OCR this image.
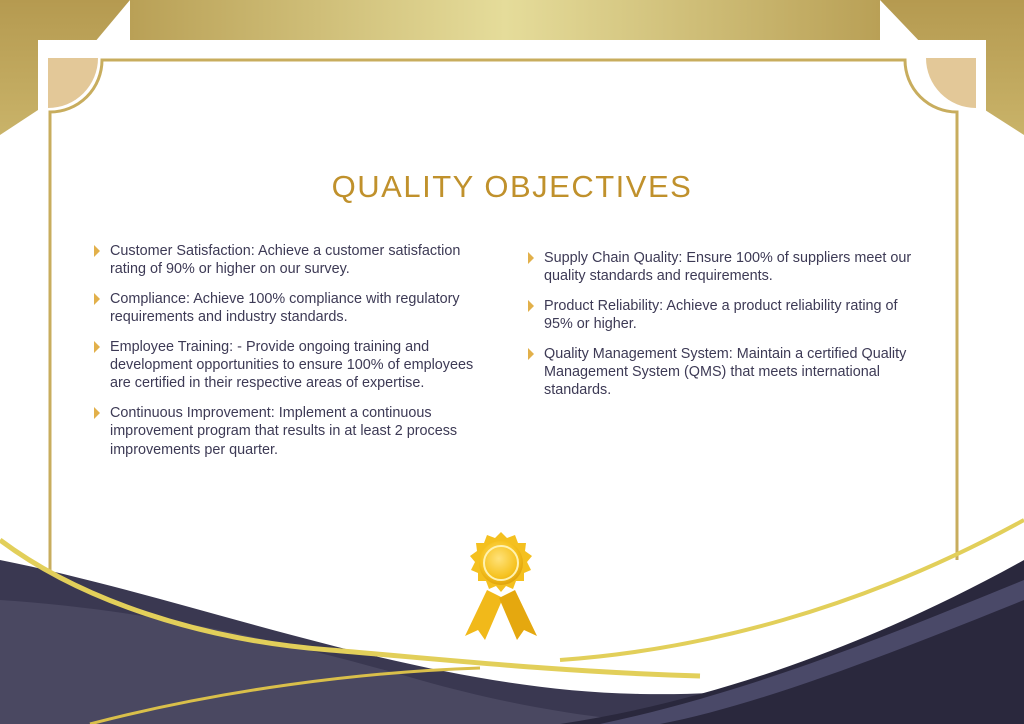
QUALITY OBJECTIVES
Customer Satisfaction: Achieve a customer satisfaction rating of 90% or higher on our survey.
Compliance: Achieve 100% compliance with regulatory requirements and industry standards.
Employee Training: - Provide ongoing training and development opportunities to ensure 100% of employees are certified in their respective areas of expertise.
Continuous Improvement: Implement a continuous improvement program that results in at least 2 process improvements per quarter.
Supply Chain Quality: Ensure 100% of suppliers meet our quality standards and requirements.
Product Reliability: Achieve a product reliability rating of 95% or higher.
Quality Management System: Maintain a certified Quality Management System (QMS) that meets international standards.
